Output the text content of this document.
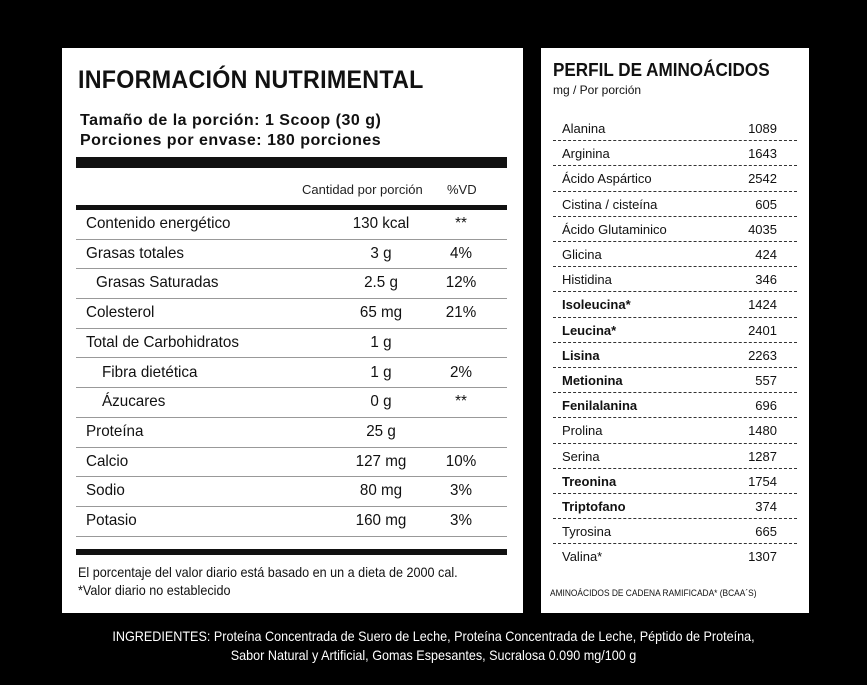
INFORMACIÓN NUTRIMENTAL
Tamaño de la porción: 1 Scoop (30 g)
Porciones por envase: 180 porciones
Cantidad por porción %VD
Contenido energético	130 kcal	**
Grasas totales	3 g	4%
Grasas Saturadas	2.5 g	12%
Colesterol	65 mg	21%
Total de Carbohidratos	1 g
Fibra dietética	1 g	2%
Ázucares	0 g	**
Proteína	25 g
Calcio	127 mg	10%
Sodio	80 mg	3%
Potasio	160 mg	3%
El porcentaje del valor diario está basado en un a dieta de 2000 cal.
*Valor diario no establecido
PERFIL DE AMINOÁCIDOS
mg / Por porción
Alanina	1089
Arginina	1643
Ácido Aspártico	2542
Cistina / cisteína	605
Ácido Glutaminico	4035
Glicina	424
Histidina	346
Isoleucina*	1424
Leucina*	2401
Lisina	2263
Metionina	557
Fenilalanina	696
Prolina	1480
Serina	1287
Treonina	1754
Triptofano	374
Tyrosina	665
Valina*	1307
AMINOÁCIDOS DE CADENA RAMIFICADA* (BCAA´S)
INGREDIENTES: Proteína Concentrada de Suero de Leche, Proteína Concentrada de Leche, Péptido de Proteína,
Sabor Natural y Artificial, Gomas Espesantes, Sucralosa 0.090 mg/100 g
